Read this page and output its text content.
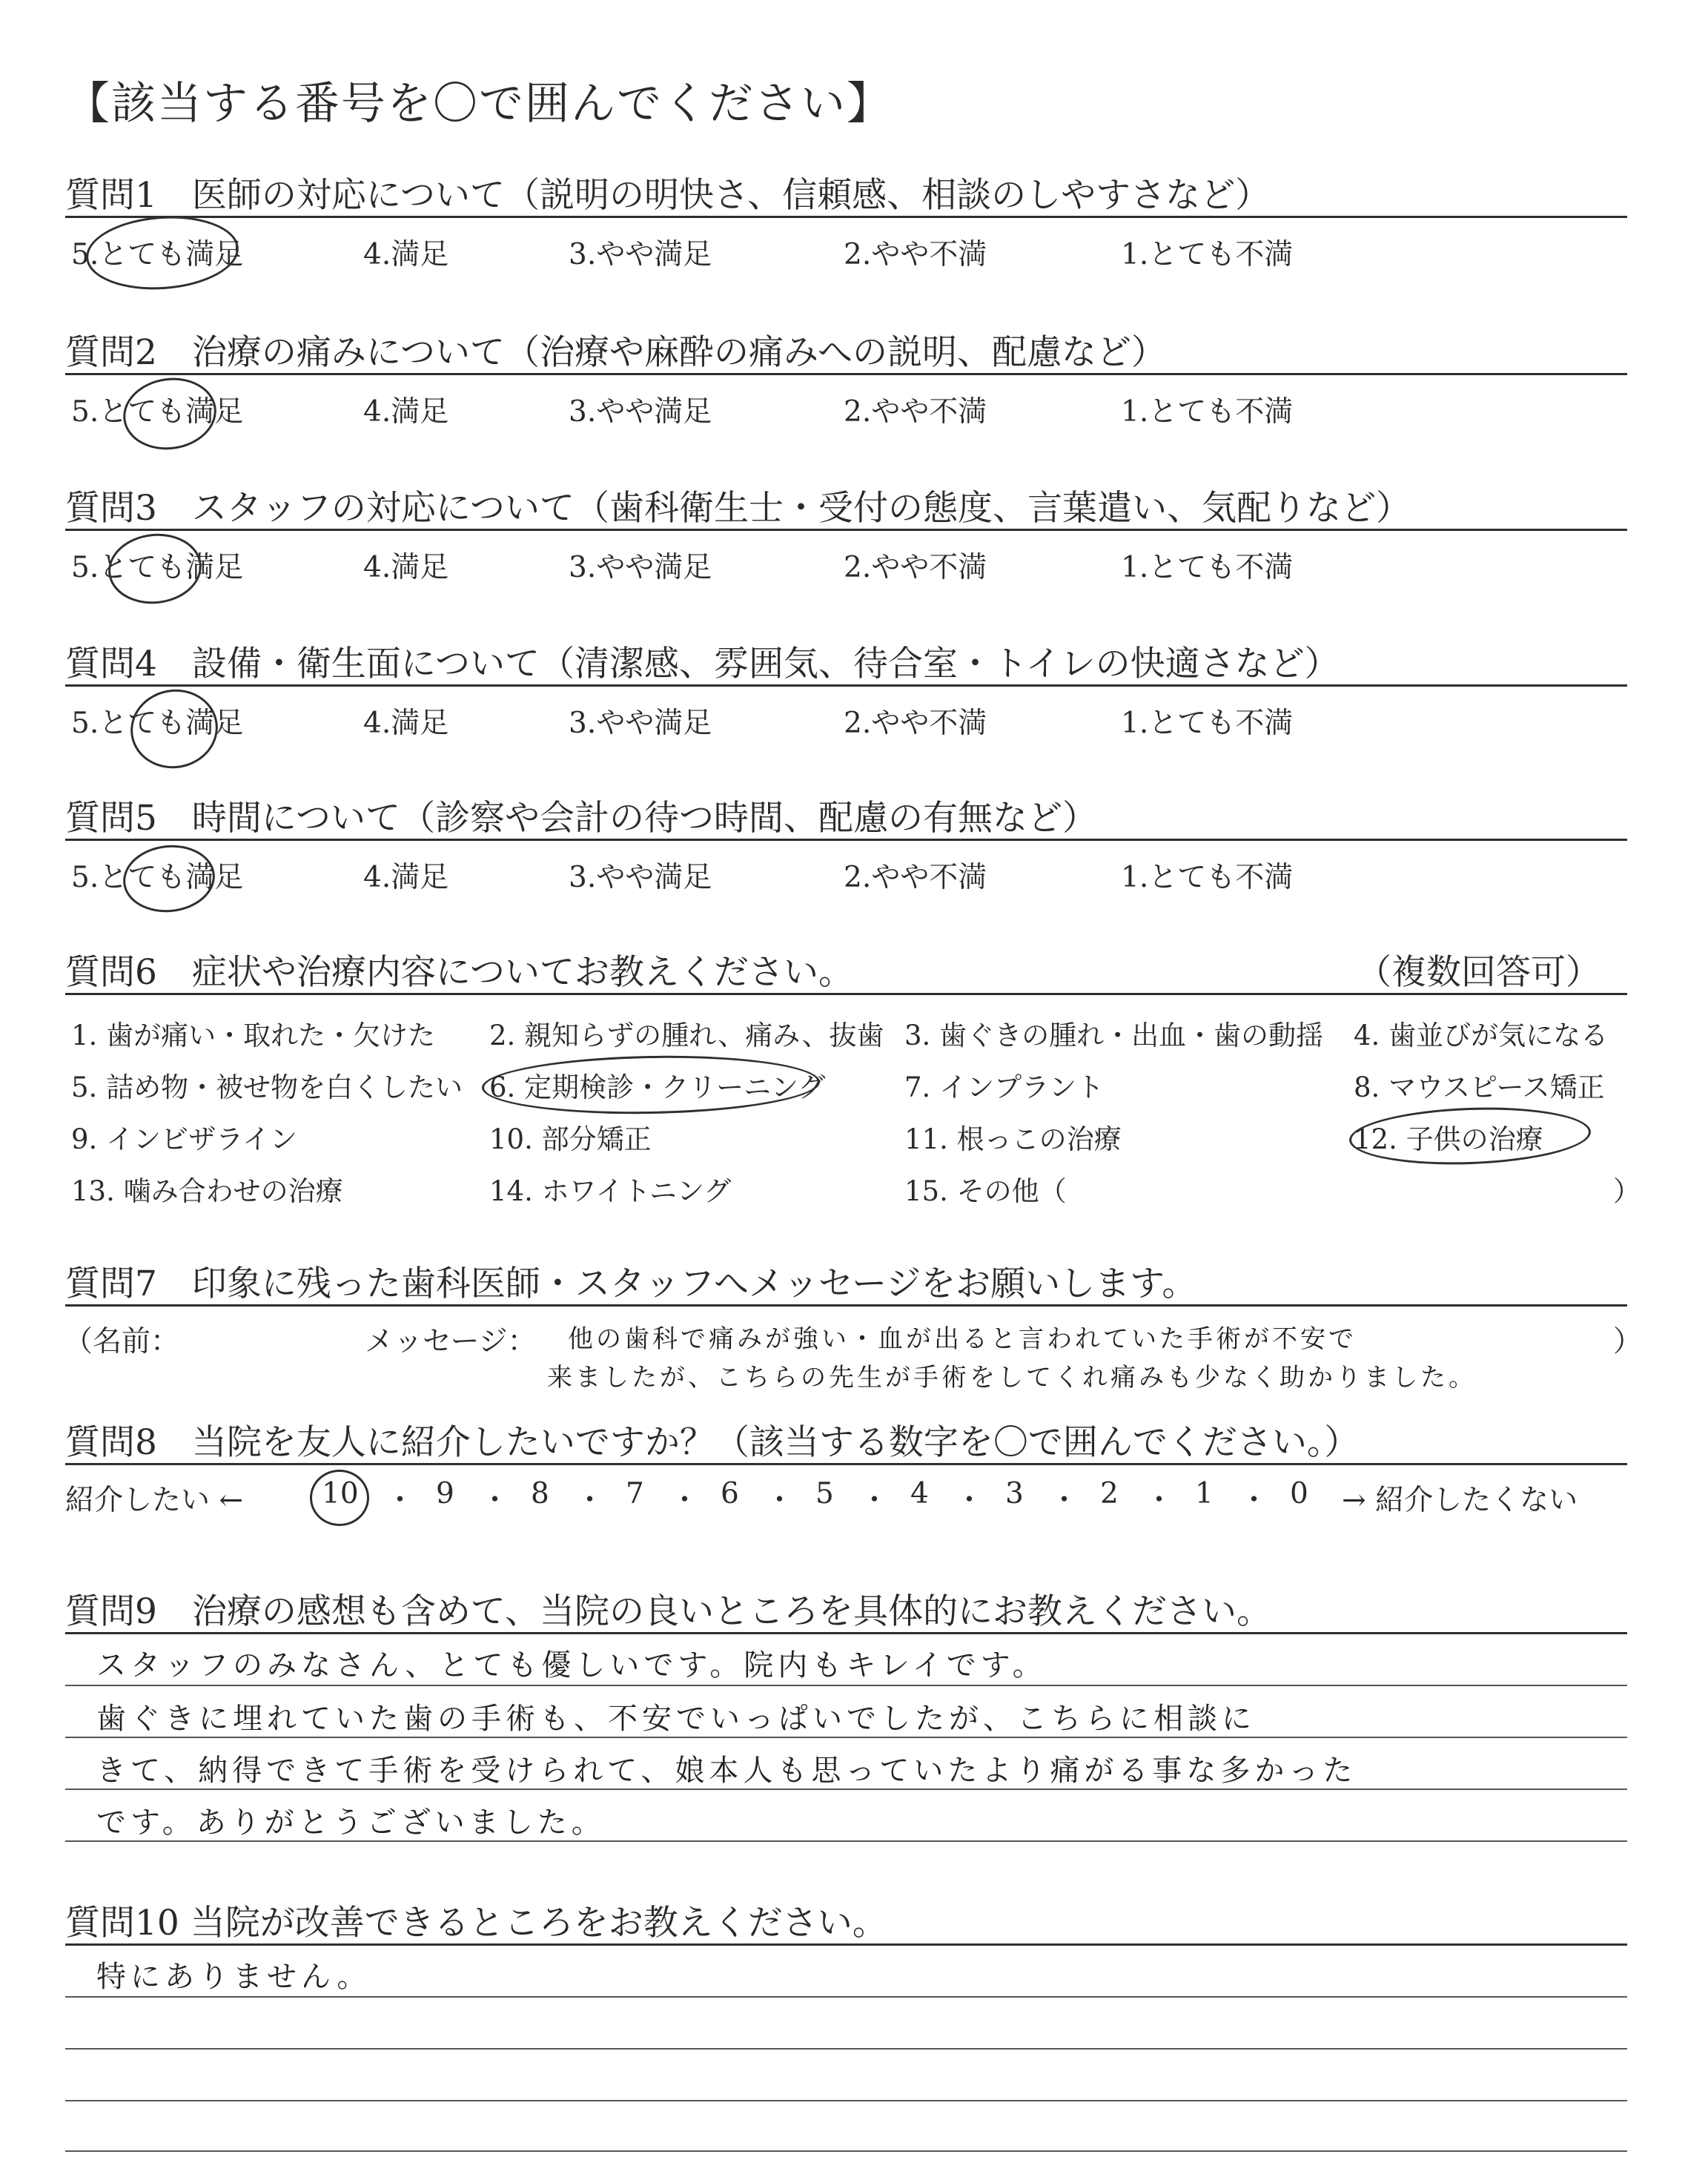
【該当する番号を〇で囲んでください】
質問1　医師の対応について（説明の明快さ、信頼感、相談のしやすさなど）
5.とても満足	4.満足	3.やや満足	2.やや不満	1.とても不満
質問2　治療の痛みについて（治療や麻酔の痛みへの説明、配慮など）
5.とても満足	4.満足	3.やや満足	2.やや不満	1.とても不満
質問3　スタッフの対応について（歯科衛生士・受付の態度、言葉遣い、気配りなど）
5.とても満足	4.満足	3.やや満足	2.やや不満	1.とても不満
質問4　設備・衛生面について（清潔感、雰囲気、待合室・トイレの快適さなど）
5.とても満足	4.満足	3.やや満足	2.やや不満	1.とても不満
質問5　時間について（診察や会計の待つ時間、配慮の有無など）
5.とても満足	4.満足	3.やや満足	2.やや不満	1.とても不満
質問6　症状や治療内容についてお教えください。	（複数回答可）
1. 歯が痛い・取れた・欠けた 2. 親知らずの腫れ、痛み、抜歯 3. 歯ぐきの腫れ・出血・歯の動揺 4. 歯並びが気になる
5. 詰め物・被せ物を白くしたい 6. 定期検診・クリーニング	7. インプラント	8. マウスピース矯正
9. インビザライン	10. 部分矯正	11. 根っこの治療	12. 子供の治療
13. 噛み合わせの治療	14. ホワイトニング	15. その他（	）
質問7　印象に残った歯科医師・スタッフへメッセージをお願いします。
（名前：	メッセージ：	）
他の歯科で痛みが強い・血が出ると言われていた手術が不安で
来ましたが、こちらの先生が手術をしてくれ痛みも少なく助かりました。
質問8　当院を友人に紹介したいですか？（該当する数字を〇で囲んでください。）
紹介したい ←	→ 紹介したくない
10 ・ 9 ・ 8 ・ 7 ・ 6 ・ 5 ・ 4 ・ 3 ・ 2 ・ 1 ・ 0
質問9　治療の感想も含めて、当院の良いところを具体的にお教えください。
スタッフのみなさん、とても優しいです。院内もキレイです。
歯ぐきに埋れていた歯の手術も、不安でいっぱいでしたが、こちらに相談に
きて、納得できて手術を受けられて、娘本人も思っていたより痛がる事な多かった
です。ありがとうございました。
質問10 当院が改善できるところをお教えください。
特にありません。
